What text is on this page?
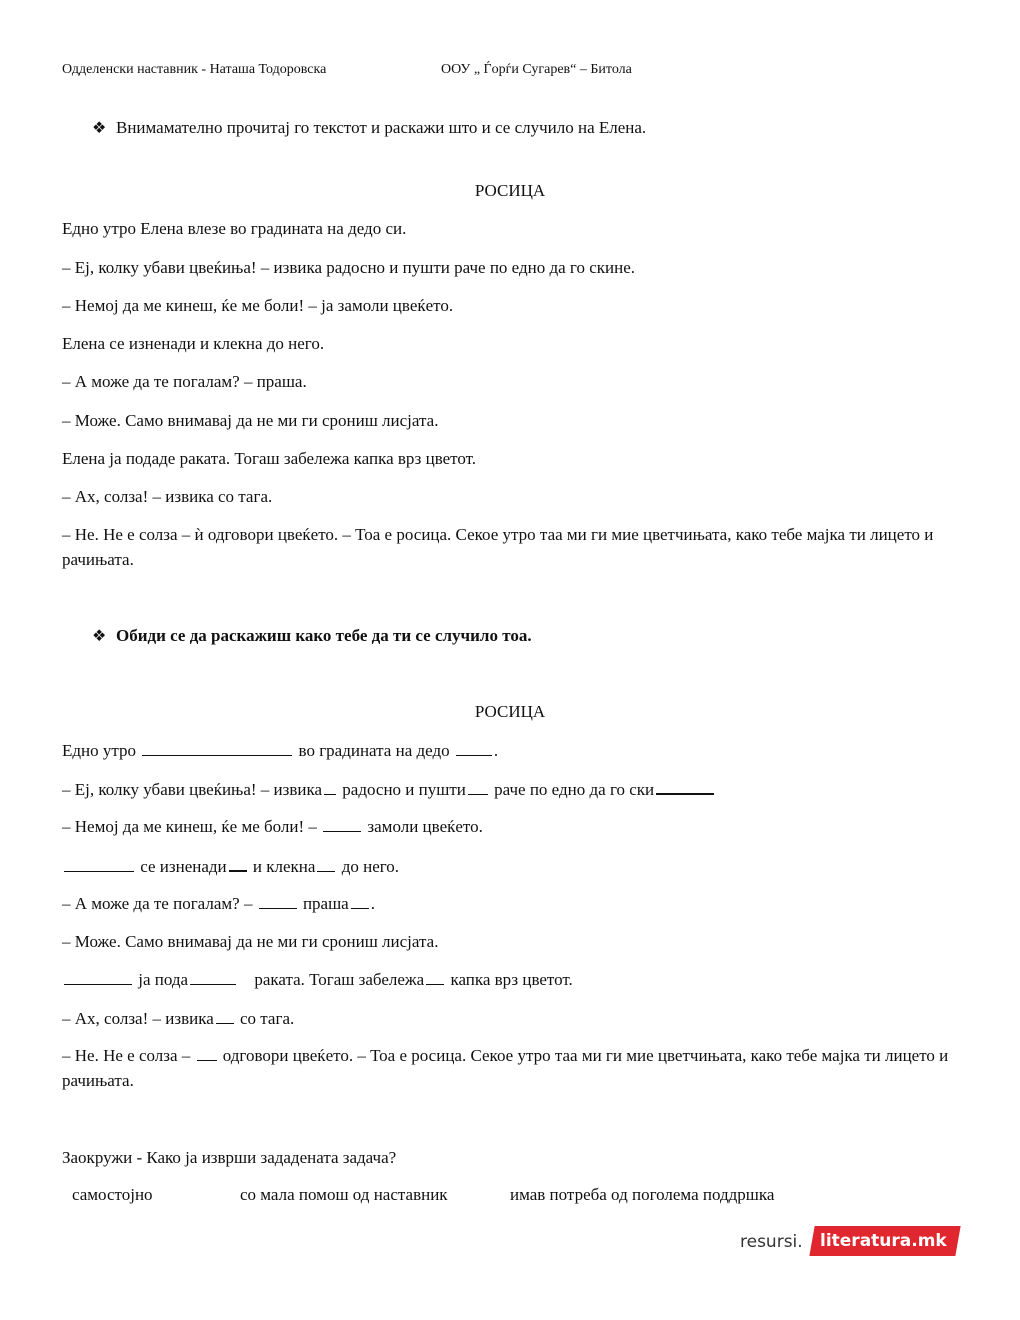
Одделенски наставник - Наташа Тодоровска	ООУ „ Ѓорѓи Сугарев“ – Битола
❖ Внимамателно прочитај го текстот и раскажи што и се случило на Елена.
РОСИЦА
Едно утро Елена влезе во градината на дедо си.
– Еј, колку убави цвеќиња! – извика радосно и пушти раче по едно да го скине.
– Немој да ме кинеш, ќе ме боли! – ја замоли цвеќето.
Елена се изненади и клекна до него.
– А може да те погалам? – праша.
– Може. Само внимавај да не ми ги срониш лисјата.
Елена ја подаде раката. Тогаш забележа капка врз цветот.
– Ах, солза! – извика со тага.
– Не. Не е солза – ѝ одговори цвеќето. – Тоа е росица. Секое утро таа ми ги мие цветчињата, како тебе мајка ти лицето и рачињата.
❖ Обиди се да раскажиш како тебе да ти се случило тоа.
РОСИЦА
Едно утро	во градината на дедо	.
– Еј, колку убави цвеќиња! – извика радосно и пушти раче по едно да го ски
– Немој да ме кинеш, ќе ме боли! –	замоли цвеќето.
се изненади и клекна до него.
– А може да те погалам? –	праша .
– Може. Само внимавај да не ми ги срониш лисјата.
ја пода	раката. Тогаш забележа капка врз цветот.
– Ах, солза! – извика со тага.
– Не. Не е солза – одговори цвеќето. – Тоа е росица. Секое утро таа ми ги мие цветчињата, како тебе мајка ти лицето и рачињата.
Заокружи - Како ја изврши зададената задача?
самостојно	со мала помош од наставник	имав потреба од поголема поддршка
resursi. literatura.mk
